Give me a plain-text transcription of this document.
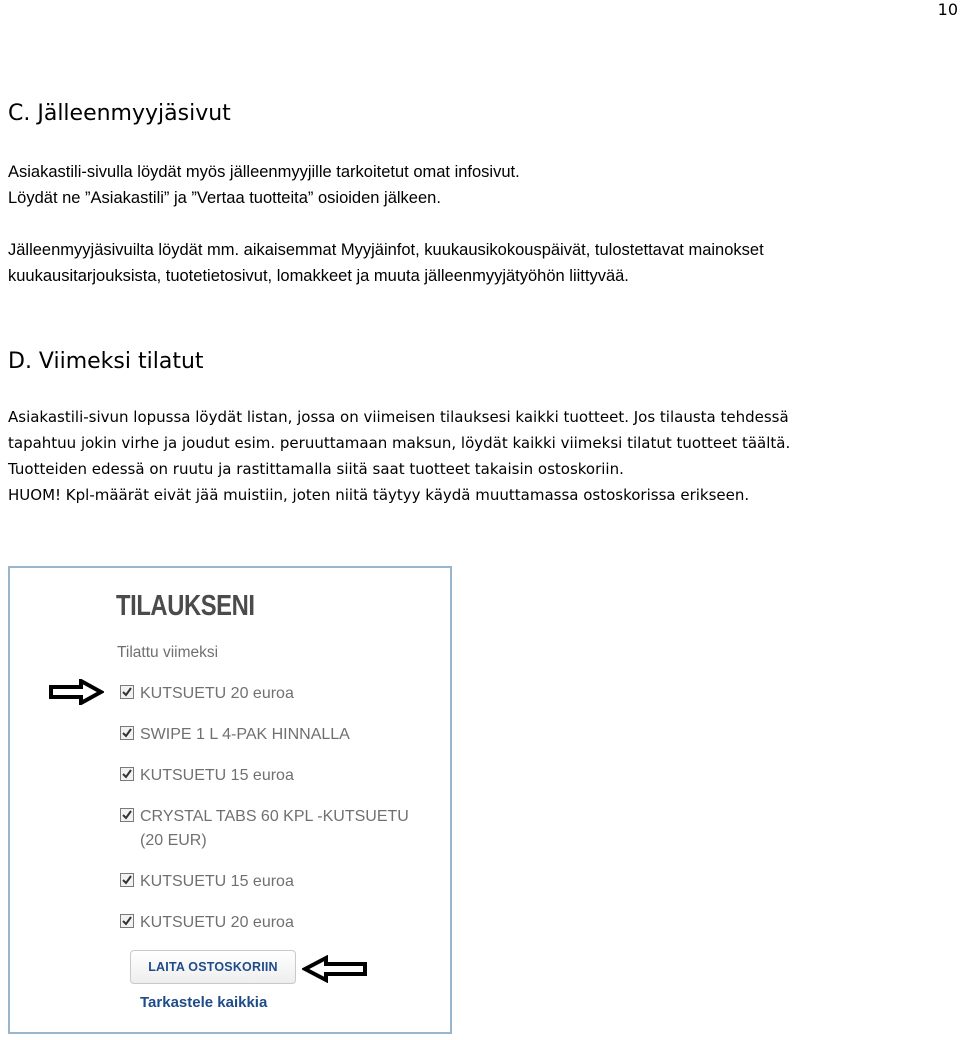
10
C. Jälleenmyyjäsivut

Asiakastili-sivulla löydät myös jälleenmyyjille tarkoitetut omat infosivut.
Löydät ne ”Asiakastili” ja ”Vertaa tuotteita” osioiden jälkeen.

Jälleenmyyjäsivuilta löydät mm. aikaisemmat Myyjäinfot, kuukausikokouspäivät, tulostettavat mainokset
kuukausitarjouksista, tuotetietosivut, lomakkeet ja muuta jälleenmyyjätyöhön liittyvää.

D. Viimeksi tilatut

Asiakastili-sivun lopussa löydät listan, jossa on viimeisen tilauksesi kaikki tuotteet. Jos tilausta tehdessä
tapahtuu jokin virhe ja joudut esim. peruuttamaan maksun, löydät kaikki viimeksi tilatut tuotteet täältä.
Tuotteiden edessä on ruutu ja rastittamalla siitä saat tuotteet takaisin ostoskoriin.
HUOM! Kpl-määrät eivät jää muistiin, joten niitä täytyy käydä muuttamassa ostoskorissa erikseen.

TILAUKSENI
Tilattu viimeksi
KUTSUETU 20 euroa
SWIPE 1 L 4-PAK HINNALLA
KUTSUETU 15 euroa
CRYSTAL TABS 60 KPL -KUTSUETU (20 EUR)
KUTSUETU 15 euroa
KUTSUETU 20 euroa
LAITA OSTOSKORIIN
Tarkastele kaikkia
